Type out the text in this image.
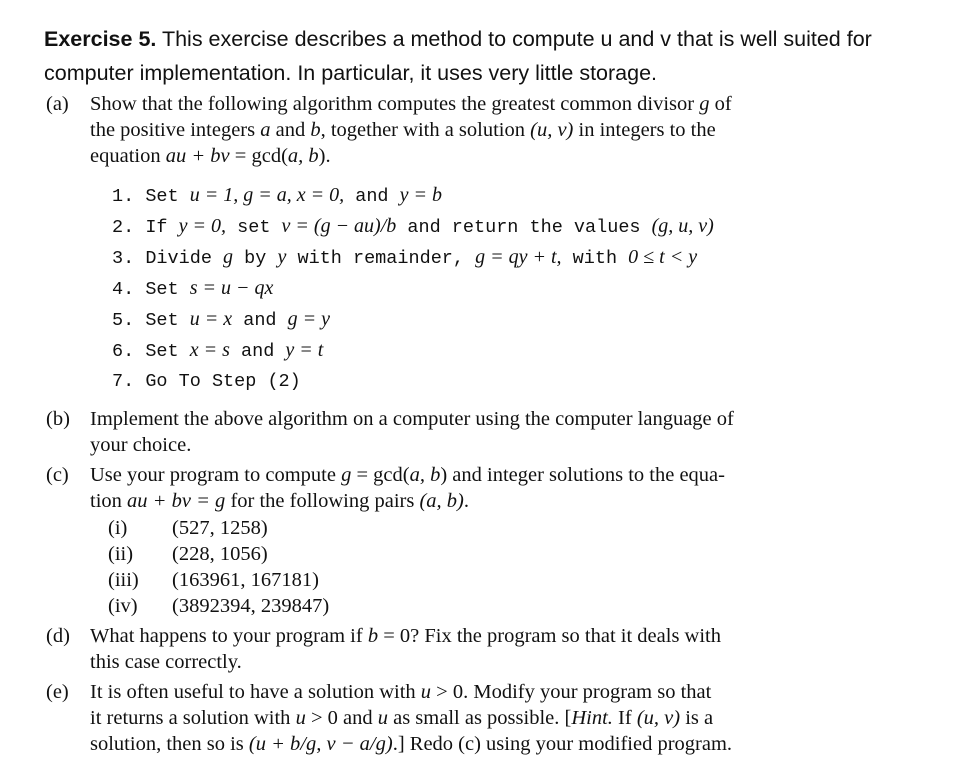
Exercise 5. This exercise describes a method to compute u and v that is well suited for
computer implementation. In particular, it uses very little storage.
(a) Show that the following algorithm computes the greatest common divisor g of
the positive integers a and b, together with a solution (u, v) in integers to the
equation au + bv = gcd(a, b).
1. Set u = 1, g = a, x = 0, and y = b
2. If y = 0, set v = (g − au)/b and return the values (g, u, v)
3. Divide g by y with remainder, g = qy + t, with 0 ≤ t < y
4. Set s = u − qx
5. Set u = x and g = y
6. Set x = s and y = t
7. Go To Step (2)
(b) Implement the above algorithm on a computer using the computer language of
your choice.
(c) Use your program to compute g = gcd(a, b) and integer solutions to the equa-
tion au + bv = g for the following pairs (a, b).
(i) (527, 1258)
(ii) (228, 1056)
(iii) (163961, 167181)
(iv) (3892394, 239847)
(d) What happens to your program if b = 0? Fix the program so that it deals with
this case correctly.
(e) It is often useful to have a solution with u > 0. Modify your program so that
it returns a solution with u > 0 and u as small as possible. [Hint. If (u, v) is a
solution, then so is (u + b/g, v − a/g).] Redo (c) using your modified program.
